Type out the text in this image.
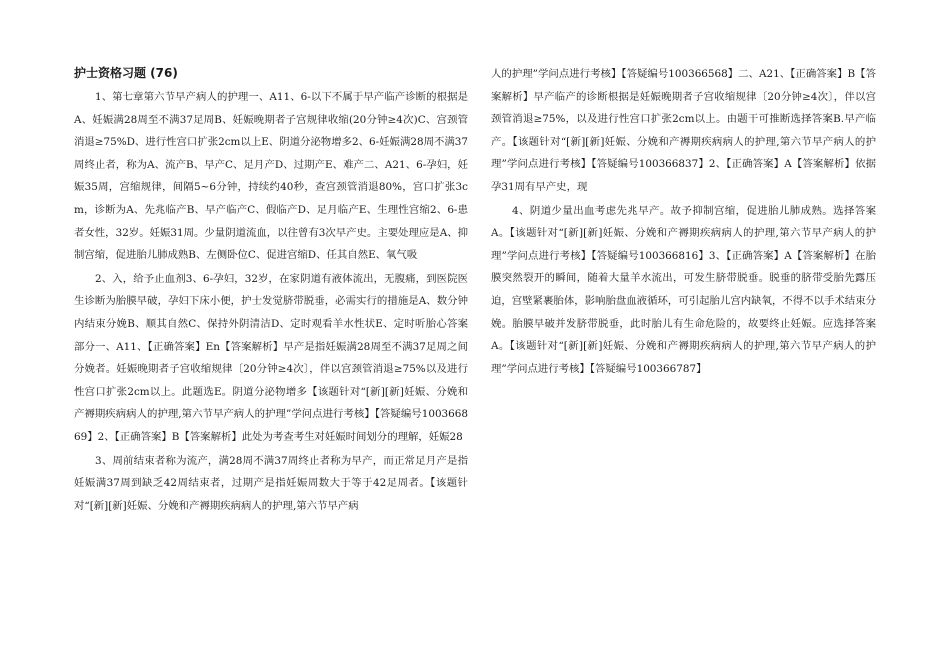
护士资格习题 (76)

1、第七章第六节早产病人的护理一、A11、6-以下不属于早产临产诊断的根据是A、妊娠满28周至不满37足周B、妊娠晚期者子宫规律收缩(20分钟≥4次)C、宫颈管消退≥75%D、进行性宫口扩张2cm以上E、阴道分泌物增多2、6-妊娠满28周不满37周终止者，称为A、流产B、早产C、足月产D、过期产E、难产二、A21、6-孕妇，妊娠35周，宫缩规律，间隔5~6分钟，持续约40秒，查宫颈管消退80%，宫口扩张3cm，诊断为A、先兆临产B、早产临产C、假临产D、足月临产E、生理性宫缩2、6-患者女性，32岁。妊娠31周。少量阴道流血，以往曾有3次早产史。主要处理应是A、抑制宫缩，促进胎儿肺成熟B、左侧卧位C、促进宫缩D、任其自然E、氧气吸

2、入，给予止血剂3、6-孕妇，32岁，在家阴道有液体流出，无腹痛，到医院医生诊断为胎膜早破，孕妇下床小便，护士发觉脐带脱垂，必需实行的措施是A、数分钟内结束分娩B、顺其自然C、保持外阴清洁D、定时观看羊水性状E、定时听胎心答案部分一、A11、【正确答案】En【答案解析】早产是指妊娠满28周至不满37足周之间分娩者。妊娠晚期者子宫收缩规律〔20分钟≥4次〕，伴以宫颈管消退≥75%以及进行性宫口扩张2cm以上。此题选E。阴道分泌物增多【该题针对“[新][新]妊娠、分娩和产褥期疾病病人的护理,第六节早产病人的护理”学问点进行考核】【答疑编号100366869】2、【正确答案】B【答案解析】此处为考查考生对妊娠时间划分的理解，妊娠28

3、周前结束者称为流产，满28周不满37周终止者称为早产，而正常足月产是指妊娠满37周到缺乏42周结束者，过期产是指妊娠周数大于等于42足周者。【该题针对“[新][新]妊娠、分娩和产褥期疾病病人的护理,第六节早产病

人的护理”学问点进行考核】【答疑编号100366568】二、A21、【正确答案】B【答案解析】早产临产的诊断根据是妊娠晚期者子宫收缩规律〔20分钟≥4次〕，伴以宫颈管消退≥75%，以及进行性宫口扩张2cm以上。由题干可推断选择答案B.早产临产。【该题针对“[新][新]妊娠、分娩和产褥期疾病病人的护理,第六节早产病人的护理”学问点进行考核】【答疑编号100366837】2、【正确答案】A【答案解析】依据孕31周有早产史，现

4、阴道少量出血考虑先兆早产。故予抑制宫缩，促进胎儿肺成熟。选择答案A。【该题针对“[新][新]妊娠、分娩和产褥期疾病病人的护理,第六节早产病人的护理”学问点进行考核】【答疑编号100366816】3、【正确答案】A【答案解析】在胎膜突然裂开的瞬间，随着大量羊水流出，可发生脐带脱垂。脱垂的脐带受胎先露压迫，宫壁紧裹胎体，影响胎盘血液循环，可引起胎儿宫内缺氧，不得不以手术结束分娩。胎膜早破并发脐带脱垂，此时胎儿有生命危险的，故要终止妊娠。应选择答案A。【该题针对“[新][新]妊娠、分娩和产褥期疾病病人的护理,第六节早产病人的护理”学问点进行考核】【答疑编号100366787】
